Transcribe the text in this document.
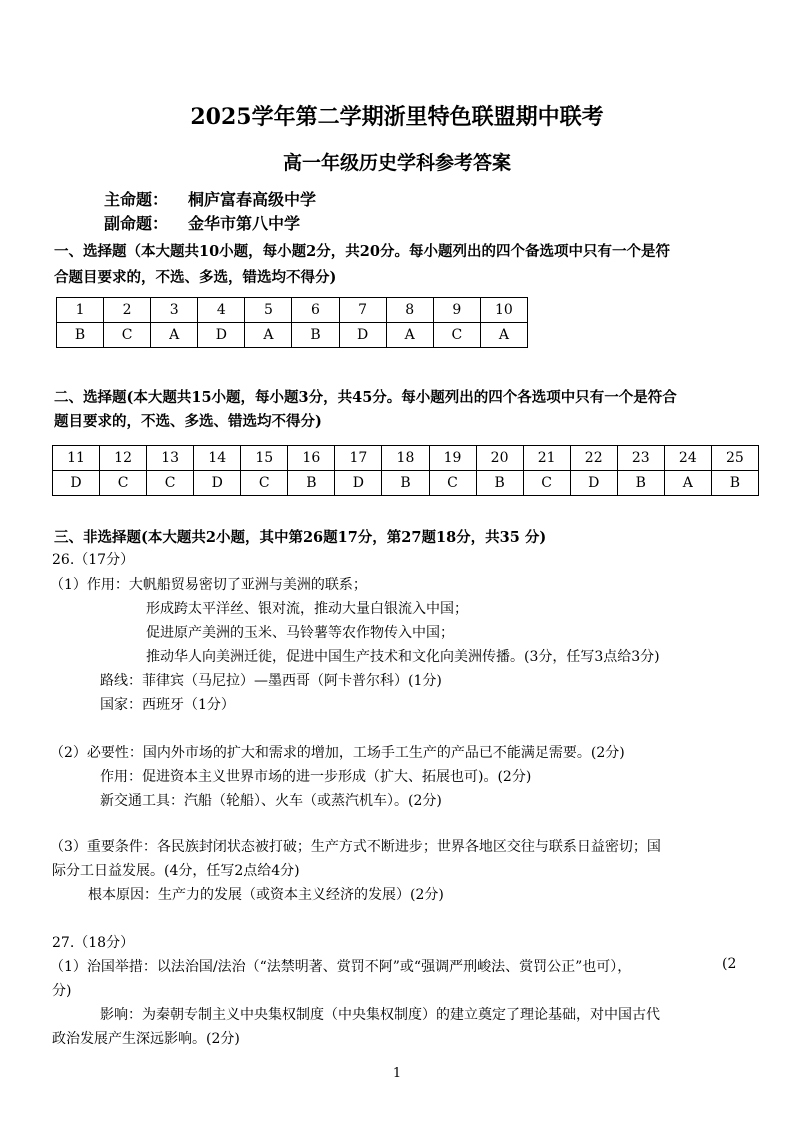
2025学年第二学期浙里特色联盟期中联考
高一年级历史学科参考答案
主命题： 桐庐富春高级中学
副命题： 金华市第八中学
一、选择题（本大题共10小题，每小题2分，共20分。每小题列出的四个备选项中只有一个是符
合题目要求的，不选、多选，错选均不得分)
1	2	3	4	5	6	7	8	9	10
B	C	A	D	A	B	D	A	C	A
二、选择题(本大题共15小题，每小题3分，共45分。每小题列出的四个各选项中只有一个是符合
题目要求的，不选、多选、错选均不得分)
11	12	13	14	15	16	17	18	19	20	21	22	23	24	25
D	C	C	D	C	B	D	B	C	B	C	D	B	A	B
三、非选择题(本大题共2小题，其中第26题17分，第27题18分，共35 分)
26.（17分）
（1）作用：大帆船贸易密切了亚洲与美洲的联系；
形成跨太平洋丝、银对流，推动大量白银流入中国；
促进原产美洲的玉米、马铃薯等农作物传入中国；
推动华人向美洲迁徙，促进中国生产技术和文化向美洲传播。(3分，任写3点给3分)
路线：菲律宾（马尼拉）—墨西哥（阿卡普尔科）(1分)
国家：西班牙（1分）
（2）必要性：国内外市场的扩大和需求的增加，工场手工生产的产品已不能满足需要。(2分)
作用：促进资本主义世界市场的进一步形成（扩大、拓展也可)。(2分)
新交通工具：汽船（轮船）、火车（或蒸汽机车）。(2分)
（3）重要条件：各民族封闭状态被打破；生产方式不断进步；世界各地区交往与联系日益密切；国
际分工日益发展。(4分，任写2点给4分)
根本原因：生产力的发展（或资本主义经济的发展）(2分)
27.（18分）
（1）治国举措：以法治国/法治（“法禁明著、赏罚不阿”或“强调严刑峻法、赏罚公正”也可），	(2
分)
影响：为秦朝专制主义中央集权制度（中央集权制度）的建立奠定了理论基础，对中国古代
政治发展产生深远影响。(2分)
1
